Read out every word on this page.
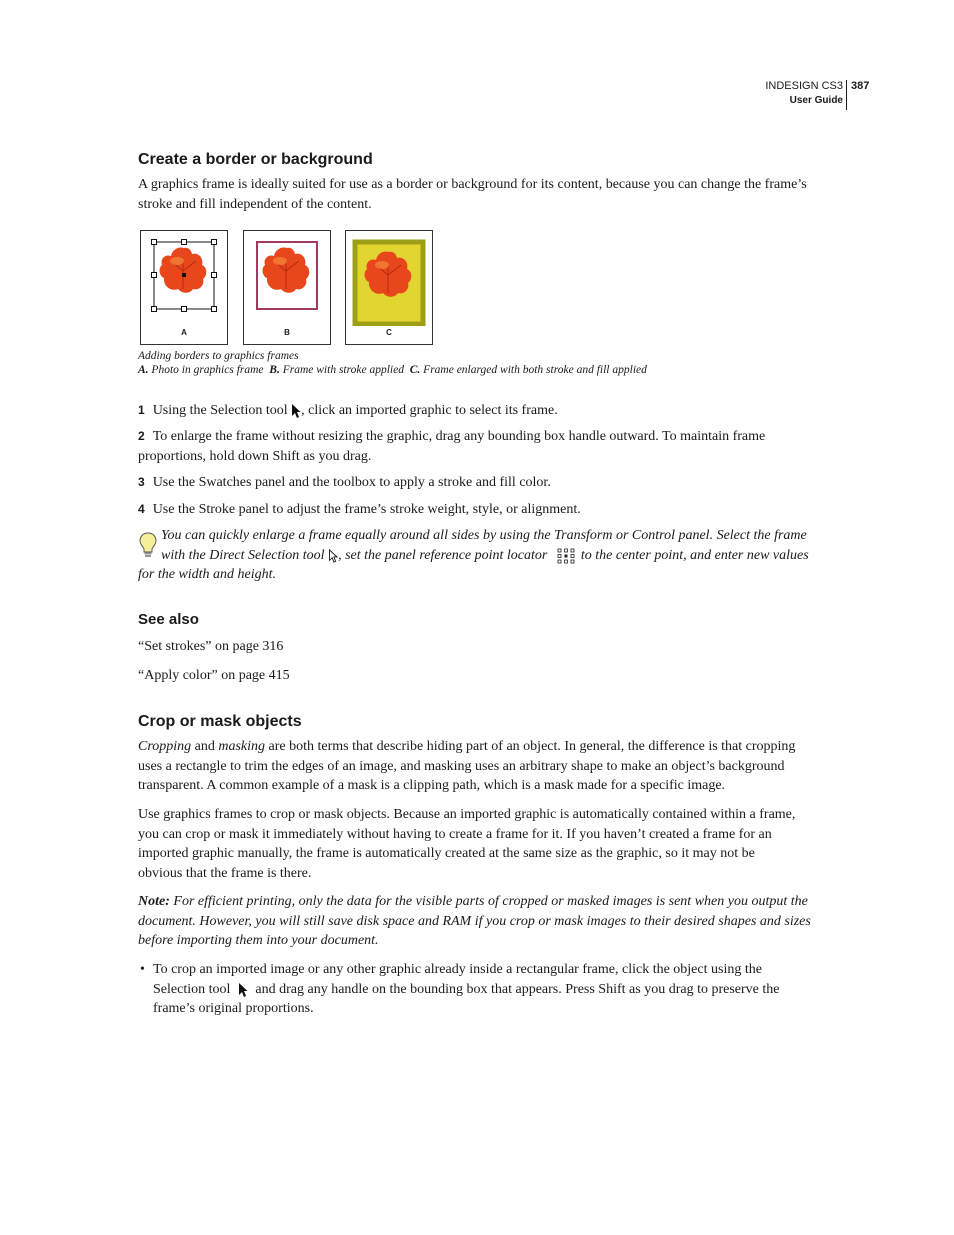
INDESIGN CS3
User Guide
387
Create a border or background
A graphics frame is ideally suited for use as a border or background for its content, because you can change the frame’s stroke and fill independent of the content.
A	B	C
Adding borders to graphics frames
A. Photo in graphics frame B. Frame with stroke applied C. Frame enlarged with both stroke and fill applied
1 Using the Selection tool , click an imported graphic to select its frame.
2 To enlarge the frame without resizing the graphic, drag any bounding box handle outward. To maintain frame
proportions, hold down Shift as you drag.
3 Use the Swatches panel and the toolbox to apply a stroke and fill color.
4 Use the Stroke panel to adjust the frame’s stroke weight, style, or alignment.
You can quickly enlarge a frame equally around all sides by using the Transform or Control panel. Select the frame
with the Direct Selection tool , set the panel reference point locator to the center point, and enter new values
for the width and height.
See also
“Set strokes” on page 316
“Apply color” on page 415
Crop or mask objects
Cropping and masking are both terms that describe hiding part of an object. In general, the difference is that cropping
uses a rectangle to trim the edges of an image, and masking uses an arbitrary shape to make an object’s background
transparent. A common example of a mask is a clipping path, which is a mask made for a specific image.
Use graphics frames to crop or mask objects. Because an imported graphic is automatically contained within a frame,
you can crop or mask it immediately without having to create a frame for it. If you haven’t created a frame for an
imported graphic manually, the frame is automatically created at the same size as the graphic, so it may not be
obvious that the frame is there.
Note: For efficient printing, only the data for the visible parts of cropped or masked images is sent when you output the
document. However, you will still save disk space and RAM if you crop or mask images to their desired shapes and sizes
before importing them into your document.
• To crop an imported image or any other graphic already inside a rectangular frame, click the object using the
Selection tool and drag any handle on the bounding box that appears. Press Shift as you drag to preserve the
frame’s original proportions.
